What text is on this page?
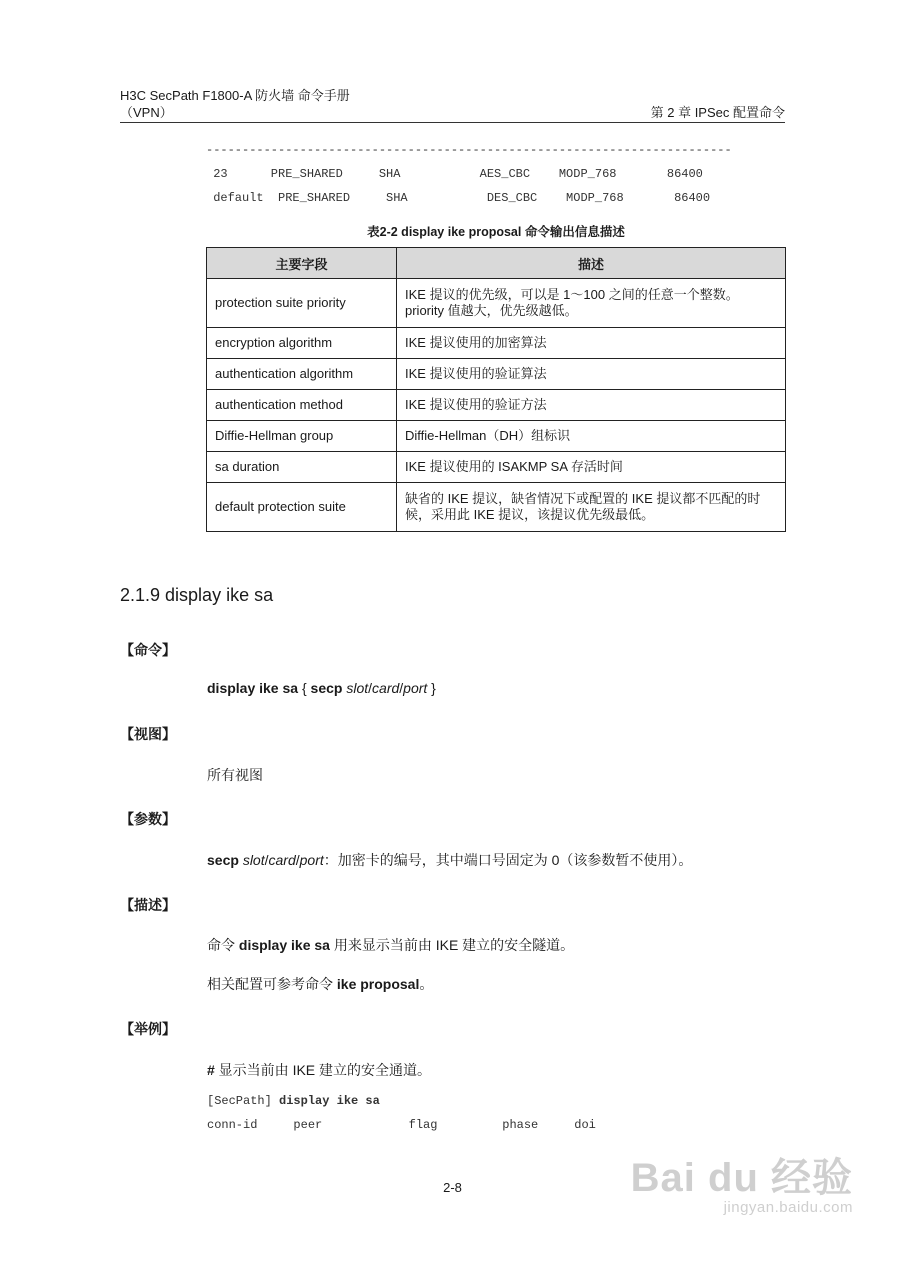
H3C SecPath F1800-A 防火墙 命令手册
（VPN）	第 2 章 IPSec 配置命令
-------------------------------------------------------------------------
23      PRE_SHARED     SHA           AES_CBC    MODP_768       86400
default  PRE_SHARED     SHA           DES_CBC    MODP_768       86400
表2-2 display ike proposal 命令输出信息描述
主要字段	描述
protection suite priority	IKE 提议的优先级，可以是 1～100 之间的任意一个整数。
priority 值越大，优先级越低。

encryption algorithm	IKE 提议使用的加密算法
authentication algorithm	IKE 提议使用的验证算法
authentication method	IKE 提议使用的验证方法
Diffie-Hellman group	Diffie-Hellman（DH）组标识
sa duration	IKE 提议使用的 ISAKMP SA 存活时间
default protection suite	缺省的 IKE 提议，缺省情况下或配置的 IKE 提议都不匹配的时
候，采用此 IKE 提议，该提议优先级最低。
2.1.9 display ike sa
【命令】
display ike sa { secp slot/card/port }
【视图】
所有视图
【参数】
secp slot/card/port：加密卡的编号，其中端口号固定为 0（该参数暂不使用）。
【描述】
命令 display ike sa 用来显示当前由 IKE 建立的安全隧道。
相关配置可参考命令 ike proposal。
【举例】
# 显示当前由 IKE 建立的安全通道。
[SecPath] display ike sa
conn-id     peer            flag         phase     doi
2-8	Bai du 经验
jingyan.baidu.com
